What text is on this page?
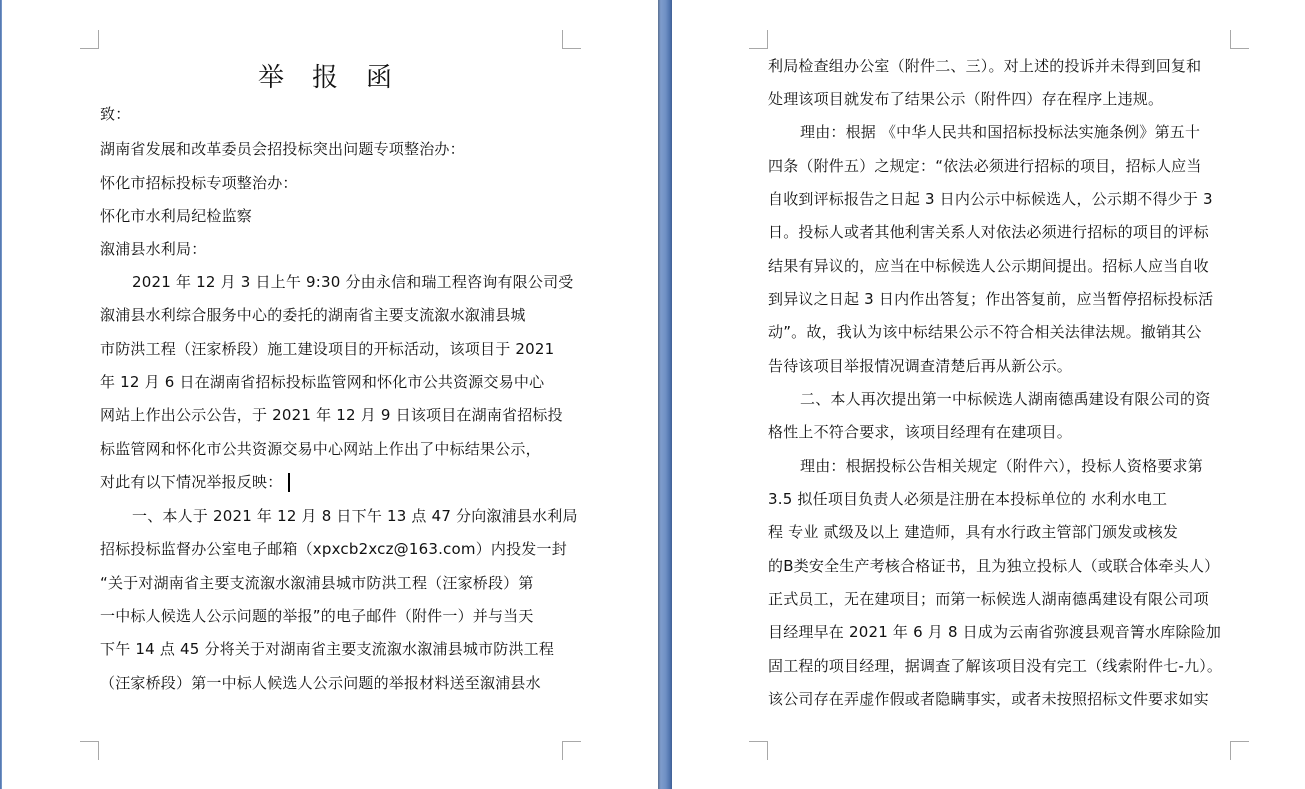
举 报 函
致：
湖南省发展和改革委员会招投标突出问题专项整治办：
怀化市招标投标专项整治办：
怀化市水利局纪检监察
溆浦县水利局：
2021 年 12 月 3 日上午 9:30 分由永信和瑞工程咨询有限公司受
溆浦县水利综合服务中心的委托的湖南省主要支流溆水溆浦县城
市防洪工程（汪家桥段）施工建设项目的开标活动，该项目于 2021
年 12 月 6 日在湖南省招标投标监管网和怀化市公共资源交易中心
网站上作出公示公告，于 2021 年 12 月 9 日该项目在湖南省招标投
标监管网和怀化市公共资源交易中心网站上作出了中标结果公示，
对此有以下情况举报反映：
一、本人于 2021 年 12 月 8 日下午 13 点 47 分向溆浦县水利局
招标投标监督办公室电子邮箱（xpxcb2xcz@163.com）内投发一封
“关于对湖南省主要支流溆水溆浦县城市防洪工程（汪家桥段）第
一中标人候选人公示问题的举报”的电子邮件（附件一）并与当天
下午 14 点 45 分将关于对湖南省主要支流溆水溆浦县城市防洪工程
（汪家桥段）第一中标人候选人公示问题的举报材料送至溆浦县水
利局检查组办公室（附件二、三）。对上述的投诉并未得到回复和
处理该项目就发布了结果公示（附件四）存在程序上违规。
理由：根据 《中华人民共和国招标投标法实施条例》第五十
四条（附件五）之规定：“依法必须进行招标的项目，招标人应当
自收到评标报告之日起 3 日内公示中标候选人，公示期不得少于 3
日。投标人或者其他利害关系人对依法必须进行招标的项目的评标
结果有异议的，应当在中标候选人公示期间提出。招标人应当自收
到异议之日起 3 日内作出答复；作出答复前，应当暂停招标投标活
动”。故，我认为该中标结果公示不符合相关法律法规。撤销其公
告待该项目举报情况调查清楚后再从新公示。
二、本人再次提出第一中标候选人湖南德禹建设有限公司的资
格性上不符合要求，该项目经理有在建项目。
理由：根据投标公告相关规定（附件六），投标人资格要求第
3.5 拟任项目负责人必须是注册在本投标单位的 水利水电工
程 专业 贰级及以上 建造师，具有水行政主管部门颁发或核发
的B类安全生产考核合格证书，且为独立投标人（或联合体牵头人）
正式员工，无在建项目；而第一标候选人湖南德禹建设有限公司项
目经理早在 2021 年 6 月 8 日成为云南省弥渡县观音箐水库除险加
固工程的项目经理，据调查了解该项目没有完工（线索附件七-九）。
该公司存在弄虚作假或者隐瞒事实，或者未按照招标文件要求如实
